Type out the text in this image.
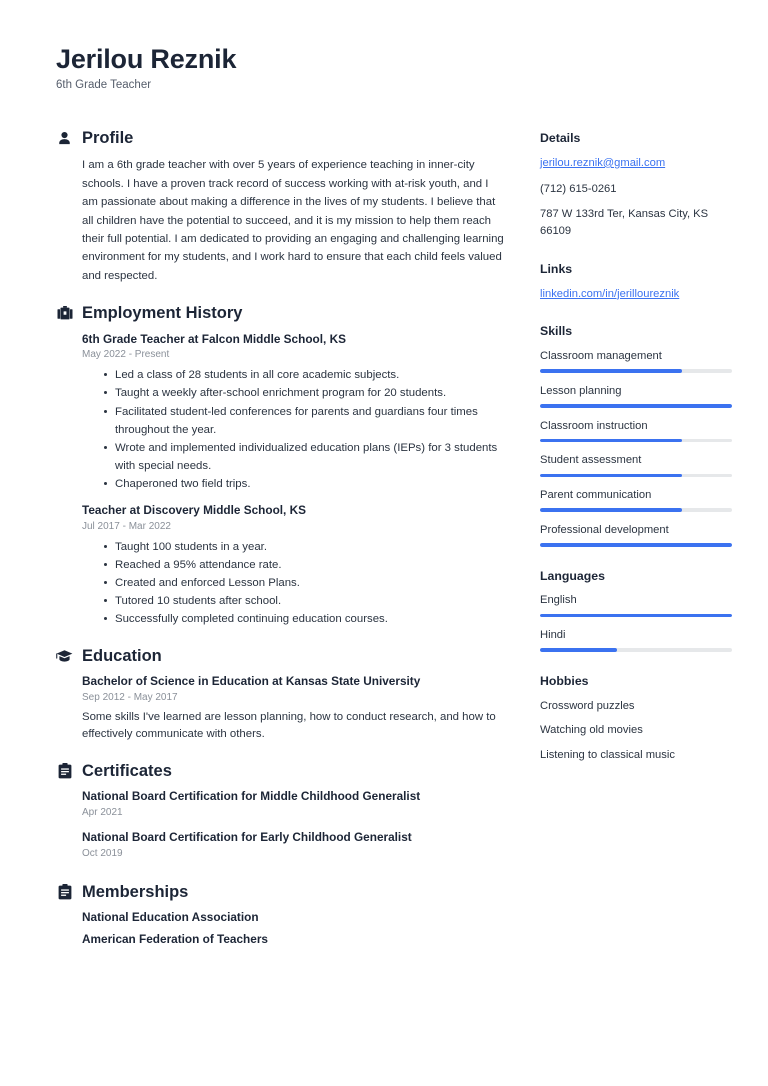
Jerilou Reznik

6th Grade Teacher

Profile
I am a 6th grade teacher with over 5 years of experience teaching in inner-city schools. I have a proven track record of success working with at-risk youth, and I am passionate about making a difference in the lives of my students. I believe that all children have the potential to succeed, and it is my mission to help them reach their full potential. I am dedicated to providing an engaging and challenging learning environment for my students, and I work hard to ensure that each child feels valued and respected.
Employment History
6th Grade Teacher at Falcon Middle School, KS
May 2022 - Present
Led a class of 28 students in all core academic subjects.
Taught a weekly after-school enrichment program for 20 students.
Facilitated student-led conferences for parents and guardians four times throughout the year.
Wrote and implemented individualized education plans (IEPs) for 3 students with special needs.
Chaperoned two field trips.
Teacher at Discovery Middle School, KS
Jul 2017 - Mar 2022
Taught 100 students in a year.
Reached a 95% attendance rate.
Created and enforced Lesson Plans.
Tutored 10 students after school.
Successfully completed continuing education courses.
Education
Bachelor of Science in Education at Kansas State University
Sep 2012 - May 2017
Some skills I've learned are lesson planning, how to conduct research, and how to effectively communicate with others.
Certificates
National Board Certification for Middle Childhood Generalist
Apr 2021
National Board Certification for Early Childhood Generalist
Oct 2019
Memberships
National Education Association
American Federation of Teachers
Details
jerilou.reznik@gmail.com
(712) 615-0261
787 W 133rd Ter, Kansas City, KS 66109
Links
linkedin.com/in/jerilloureznik
Skills
Classroom management
Lesson planning
Classroom instruction
Student assessment
Parent communication
Professional development
Languages
English
Hindi
Hobbies
Crossword puzzles
Watching old movies
Listening to classical music
